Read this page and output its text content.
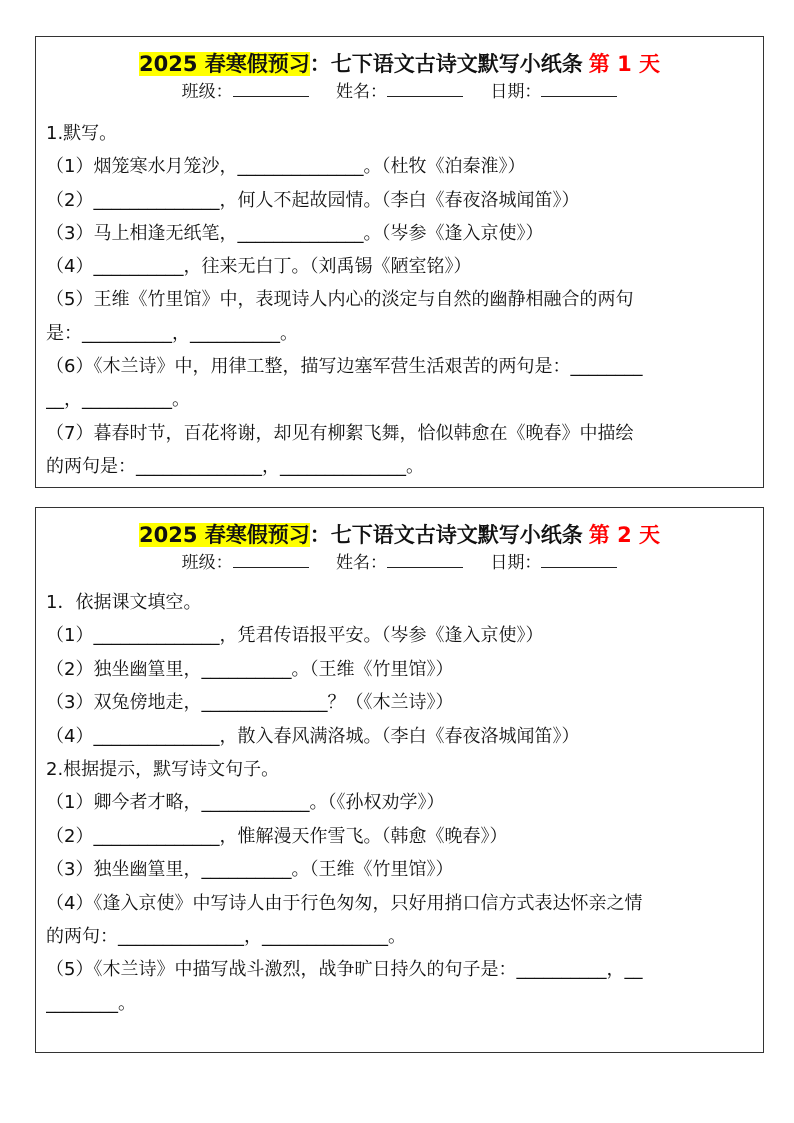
2025 春寒假预习：七下语文古诗文默写小纸条 第 1 天
班级：	姓名：	日期：
1.默写。
（1）烟笼寒水月笼沙，______________。（杜牧《泊秦淮》）
（2）______________，何人不起故园情。（李白《春夜洛城闻笛》）
（3）马上相逢无纸笔，______________。（岑参《逢入京使》）
（4）__________，往来无白丁。（刘禹锡《陋室铭》）
（5）王维《竹里馆》中，表现诗人内心的淡定与自然的幽静相融合的两句
是：__________，__________。
（6）《木兰诗》中，用律工整，描写边塞军营生活艰苦的两句是：________
__，__________。
（7）暮春时节，百花将谢，却见有柳絮飞舞，恰似韩愈在《晚春》中描绘
的两句是：______________，______________。
2025 春寒假预习：七下语文古诗文默写小纸条 第 2 天
班级：	姓名：	日期：
1．依据课文填空。
（1）______________，凭君传语报平安。（岑参《逢入京使》）
（2）独坐幽篁里，__________。（王维《竹里馆》）
（3）双兔傍地走，______________？（《木兰诗》）
（4）______________，散入春风满洛城。（李白《春夜洛城闻笛》）
2.根据提示，默写诗文句子。
（1）卿今者才略，____________。（《孙权劝学》）
（2）______________，惟解漫天作雪飞。（韩愈《晚春》）
（3）独坐幽篁里，__________。（王维《竹里馆》）
（4）《逢入京使》中写诗人由于行色匆匆，只好用捎口信方式表达怀亲之情
的两句：______________，______________。
（5）《木兰诗》中描写战斗激烈，战争旷日持久的句子是：__________，__
________。
